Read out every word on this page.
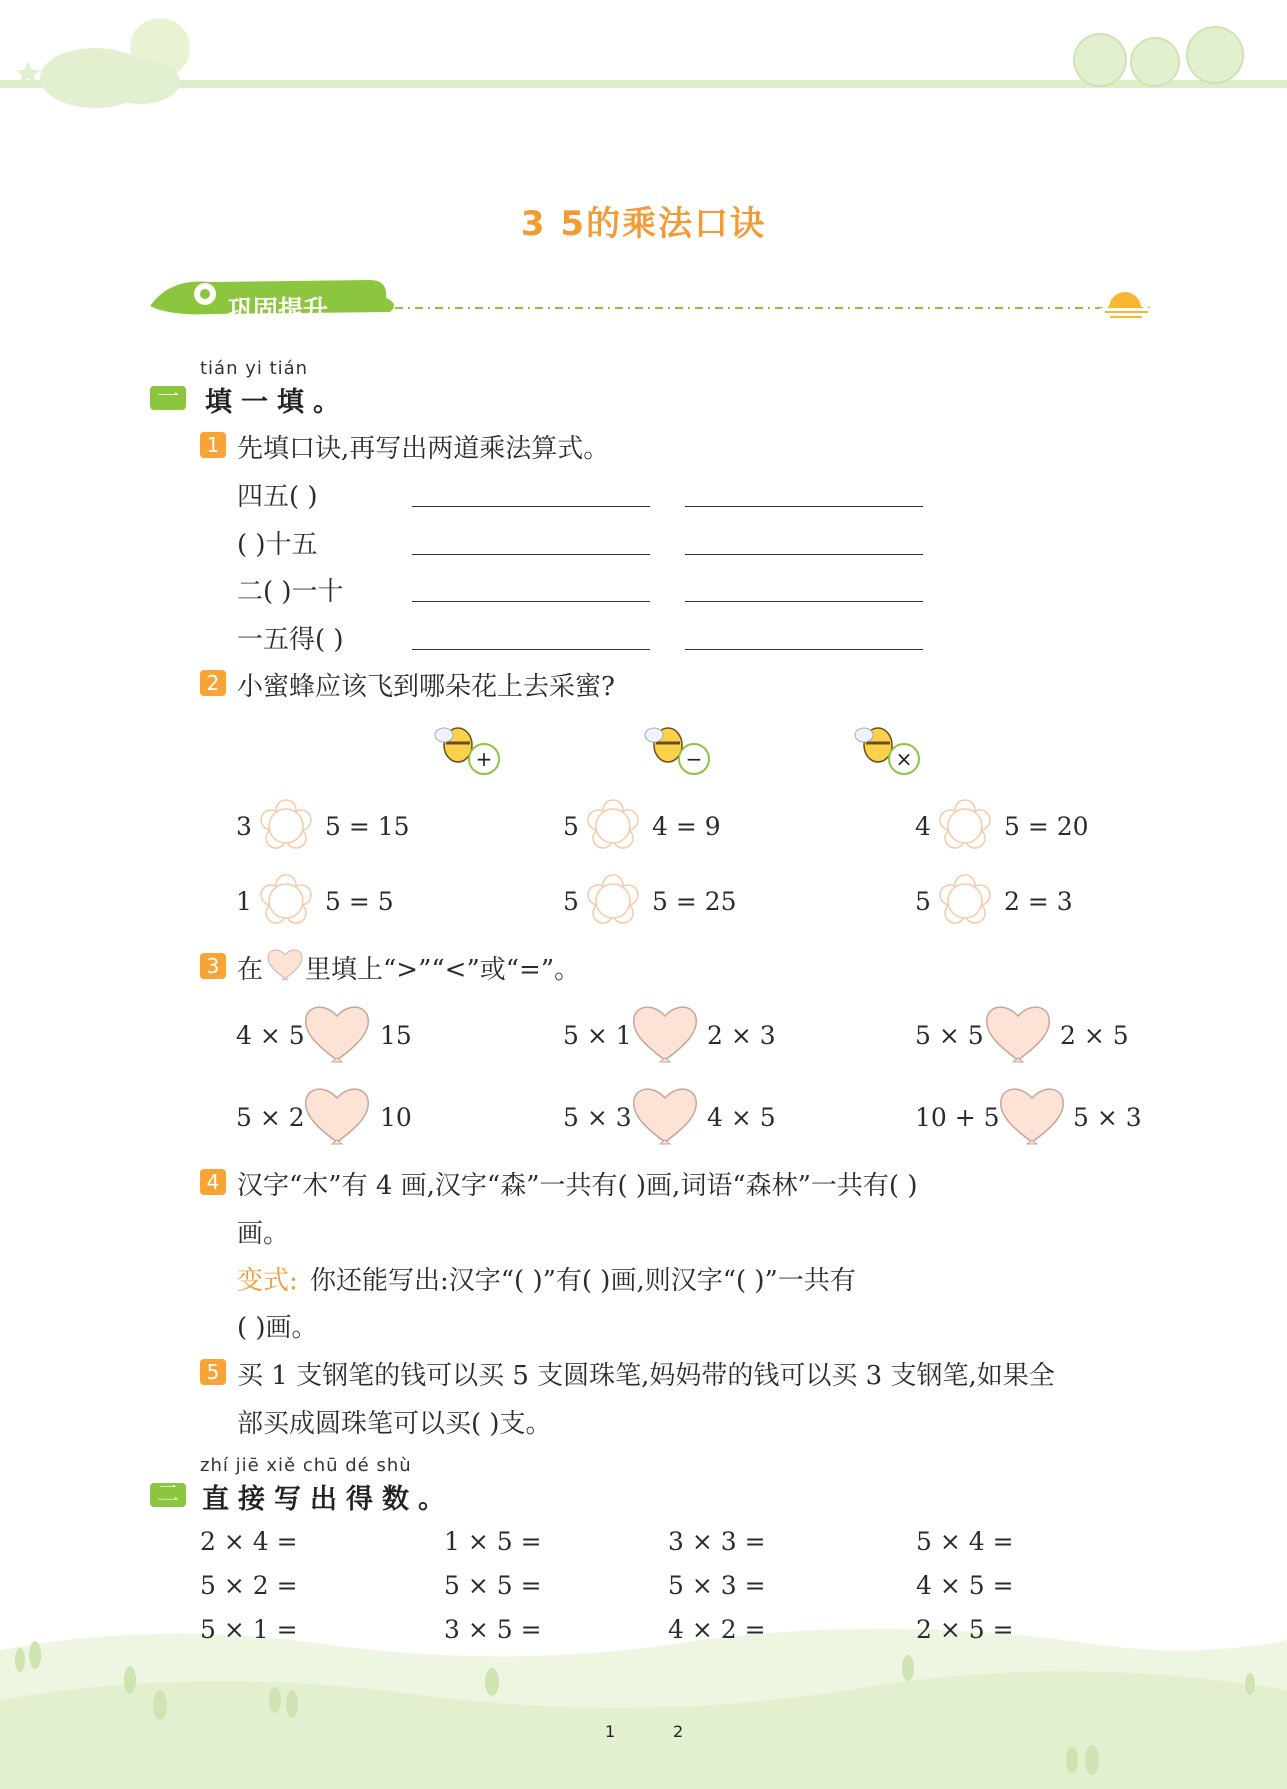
3 5的乘法口诀
巩固提升
tián yi tián
一 填一填。
1 先填口诀,再写出两道乘法算式。
四五( )
( )十五
二( )一十
一五得( )
2 小蜜蜂应该飞到哪朵花上去采蜜?
+	−	×
3	5 = 15	5	4 = 9	4	5 = 20
1	5 = 5	5	5 = 25	5	2 = 3
3 在 里填上“>”“<”或“=”。
4 × 5	15	5 × 1	2 × 3	5 × 5	2 × 5
5 × 2	10	5 × 3	4 × 5	10 + 5	5 × 3
4 汉字“木”有 4 画,汉字“森”一共有( )画,词语“森林”一共有( )
画。
变式: 你还能写出:汉字“( )”有( )画,则汉字“( )”一共有
( )画。
5 买 1 支钢笔的钱可以买 5 支圆珠笔,妈妈带的钱可以买 3 支钢笔,如果全
部买成圆珠笔可以买( )支。
zhí jiē xiě chū dé shù
二 直接写出得数。
2 × 4 =	1 × 5 =	3 × 3 =	5 × 4 =
5 × 2 =	5 × 5 =	5 × 3 =	4 × 5 =
5 × 1 =	3 × 5 =	4 × 2 =	2 × 5 =
1	2
